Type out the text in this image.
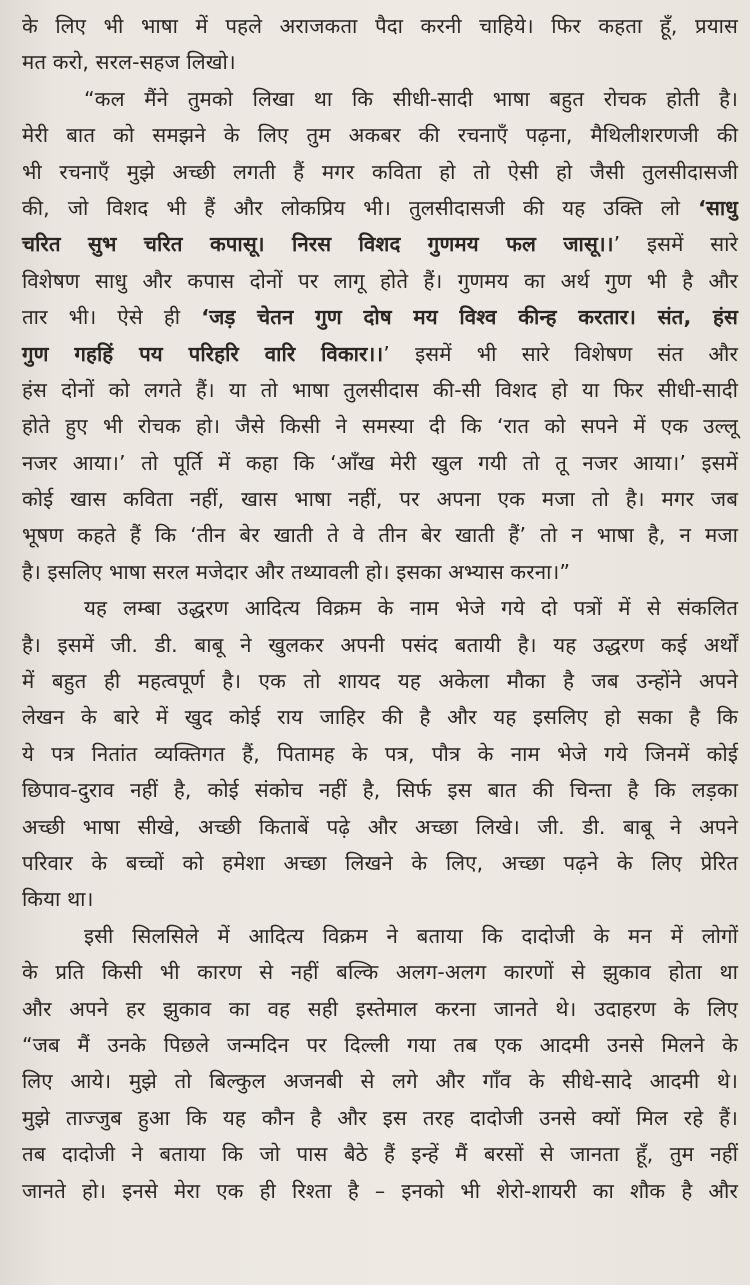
के लिए भी भाषा में पहले अराजकता पैदा करनी चाहिये। फिर कहता हूँ, प्रयास
मत करो, सरल-सहज लिखो।
“कल मैंने तुमको लिखा था कि सीधी-सादी भाषा बहुत रोचक होती है।
मेरी बात को समझने के लिए तुम अकबर की रचनाएँ पढ़ना, मैथिलीशरणजी की
भी रचनाएँ मुझे अच्छी लगती हैं मगर कविता हो तो ऐसी हो जैसी तुलसीदासजी
की, जो विशद भी हैं और लोकप्रिय भी। तुलसीदासजी की यह उक्ति लो ‘साधु
चरित सुभ चरित कपासू। निरस विशद गुणमय फल जासू।।’ इसमें सारे
विशेषण साधु और कपास दोनों पर लागू होते हैं। गुणमय का अर्थ गुण भी है और
तार भी। ऐसे ही ‘जड़ चेतन गुण दोष मय विश्व कीन्ह करतार। संत, हंस
गुण गहहिं पय परिहरि वारि विकार।।’ इसमें भी सारे विशेषण संत और
हंस दोनों को लगते हैं। या तो भाषा तुलसीदास की-सी विशद हो या फिर सीधी-सादी
होते हुए भी रोचक हो। जैसे किसी ने समस्या दी कि ‘रात को सपने में एक उल्लू
नजर आया।’ तो पूर्ति में कहा कि ‘आँख मेरी खुल गयी तो तू नजर आया।’ इसमें
कोई खास कविता नहीं, खास भाषा नहीं, पर अपना एक मजा तो है। मगर जब
भूषण कहते हैं कि ‘तीन बेर खाती ते वे तीन बेर खाती हैं’ तो न भाषा है, न मजा
है। इसलिए भाषा सरल मजेदार और तथ्यावली हो। इसका अभ्यास करना।”
यह लम्बा उद्धरण आदित्य विक्रम के नाम भेजे गये दो पत्रों में से संकलित
है। इसमें जी. डी. बाबू ने खुलकर अपनी पसंद बतायी है। यह उद्धरण कई अर्थों
में बहुत ही महत्वपूर्ण है। एक तो शायद यह अकेला मौका है जब उन्होंने अपने
लेखन के बारे में खुद कोई राय जाहिर की है और यह इसलिए हो सका है कि
ये पत्र नितांत व्यक्तिगत हैं, पितामह के पत्र, पौत्र के नाम भेजे गये जिनमें कोई
छिपाव-दुराव नहीं है, कोई संकोच नहीं है, सिर्फ इस बात की चिन्ता है कि लड़का
अच्छी भाषा सीखे, अच्छी किताबें पढ़े और अच्छा लिखे। जी. डी. बाबू ने अपने
परिवार के बच्चों को हमेशा अच्छा लिखने के लिए, अच्छा पढ़ने के लिए प्रेरित
किया था।
इसी सिलसिले में आदित्य विक्रम ने बताया कि दादोजी के मन में लोगों
के प्रति किसी भी कारण से नहीं बल्कि अलग-अलग कारणों से झुकाव होता था
और अपने हर झुकाव का वह सही इस्तेमाल करना जानते थे। उदाहरण के लिए
“जब मैं उनके पिछले जन्मदिन पर दिल्ली गया तब एक आदमी उनसे मिलने के
लिए आये। मुझे तो बिल्कुल अजनबी से लगे और गाँव के सीधे-सादे आदमी थे।
मुझे ताज्जुब हुआ कि यह कौन है और इस तरह दादोजी उनसे क्यों मिल रहे हैं।
तब दादोजी ने बताया कि जो पास बैठे हैं इन्हें मैं बरसों से जानता हूँ, तुम नहीं
जानते हो। इनसे मेरा एक ही रिश्ता है – इनको भी शेरो-शायरी का शौक है और
